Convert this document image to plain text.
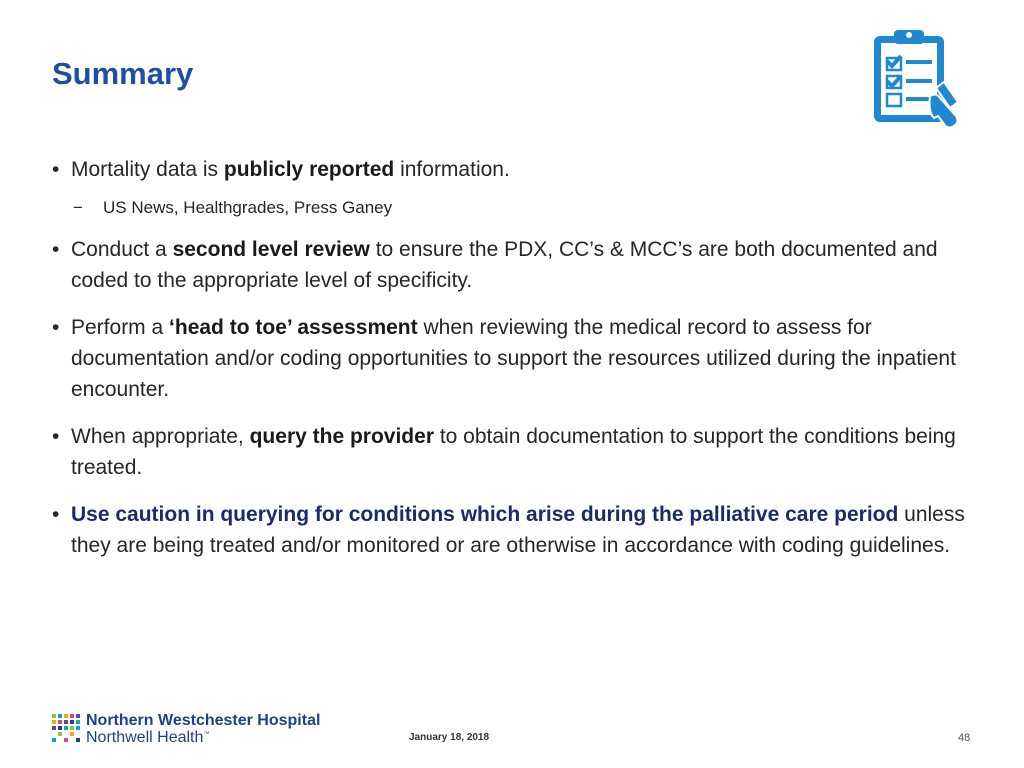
Summary
• Mortality data is publicly reported information.
− US News, Healthgrades, Press Ganey
• Conduct a second level review to ensure the PDX, CC’s & MCC’s are both documented and coded to the appropriate level of specificity.
• Perform a ‘head to toe’ assessment when reviewing the medical record to assess for documentation and/or coding opportunities to support the resources utilized during the inpatient encounter.
• When appropriate, query the provider to obtain documentation to support the conditions being treated.
• Use caution in querying for conditions which arise during the palliative care period unless they are being treated and/or monitored or are otherwise in accordance with coding guidelines.
Northern Westchester Hospital
Northwell Health™	January 18, 2018	48
